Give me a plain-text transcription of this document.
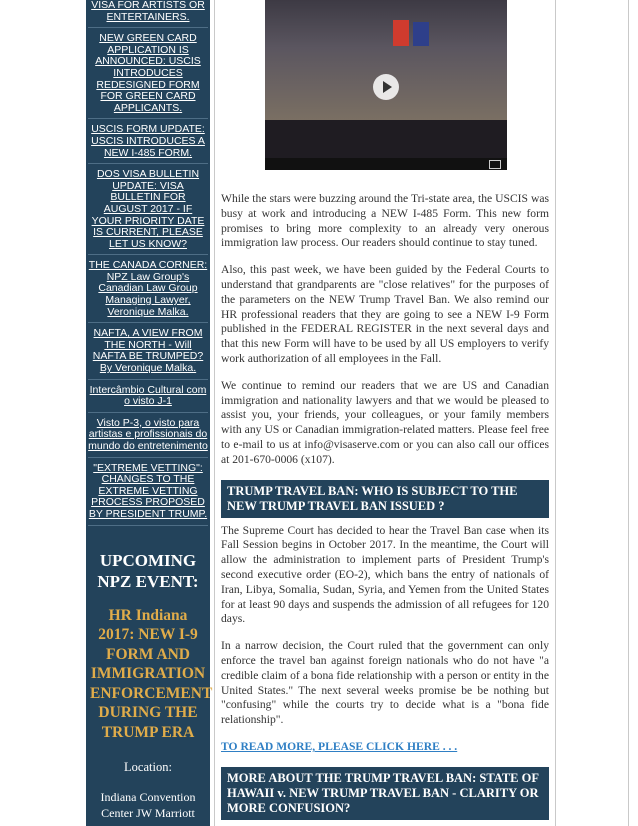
VISA FOR ARTISTS OR ENTERTAINERS.
NEW GREEN CARD APPLICATION IS ANNOUNCED: USCIS INTRODUCES REDESIGNED FORM FOR GREEN CARD APPLICANTS.
USCIS FORM UPDATE: USCIS INTRODUCES A NEW I-485 FORM.
DOS VISA BULLETIN UPDATE: VISA BULLETIN FOR AUGUST 2017 - IF YOUR PRIORITY DATE IS CURRENT, PLEASE LET US KNOW?
THE CANADA CORNER: NPZ Law Group's Canadian Law Group Managing Lawyer, Veronique Malka.
NAFTA, A VIEW FROM THE NORTH - Will NAFTA BE TRUMPED? By Veronique Malka.
Intercâmbio Cultural com o visto J-1
Visto P-3, o visto para artistas e profissionais do mundo do entretenimento
"EXTREME VETTING": CHANGES TO THE EXTREME VETTING PROCESS PROPOSED BY PRESIDENT TRUMP.
UPCOMING NPZ EVENT:
HR Indiana 2017: NEW I-9 FORM AND IMMIGRATION ENFORCEMENT DURING THE TRUMP ERA
Location:
Indiana Convention Center JW Marriott

While the stars were buzzing around the Tri-state area, the USCIS was busy at work and introducing a NEW I-485 Form. This new form promises to bring more complexity to an already very onerous immigration law process. Our readers should continue to stay tuned.

Also, this past week, we have been guided by the Federal Courts to understand that grandparents are "close relatives" for the purposes of the parameters on the NEW Trump Travel Ban. We also remind our HR professional readers that they are going to see a NEW I-9 Form published in the FEDERAL REGISTER in the next several days and that this new Form will have to be used by all US employers to verify work authorization of all employees in the Fall.

We continue to remind our readers that we are US and Canadian immigration and nationality lawyers and that we would be pleased to assist you, your friends, your colleagues, or your family members with any US or Canadian immigration-related matters. Please feel free to e-mail to us at info@visaserve.com or you can also call our offices at 201-670-0006 (x107).

TRUMP TRAVEL BAN: WHO IS SUBJECT TO THE NEW TRUMP TRAVEL BAN ISSUED ?

The Supreme Court has decided to hear the Travel Ban case when its Fall Session begins in October 2017. In the meantime, the Court will allow the administration to implement parts of President Trump's second executive order (EO-2), which bans the entry of nationals of Iran, Libya, Somalia, Sudan, Syria, and Yemen from the United States for at least 90 days and suspends the admission of all refugees for 120 days.

In a narrow decision, the Court ruled that the government can only enforce the travel ban against foreign nationals who do not have "a credible claim of a bona fide relationship with a person or entity in the United States." The next several weeks promise be be nothing but "confusing" while the courts try to decide what is a "bona fide relationship".

TO READ MORE, PLEASE CLICK HERE . . .
MORE ABOUT THE TRUMP TRAVEL BAN: STATE OF HAWAII v. NEW TRUMP TRAVEL BAN - CLARITY OR MORE CONFUSION?
